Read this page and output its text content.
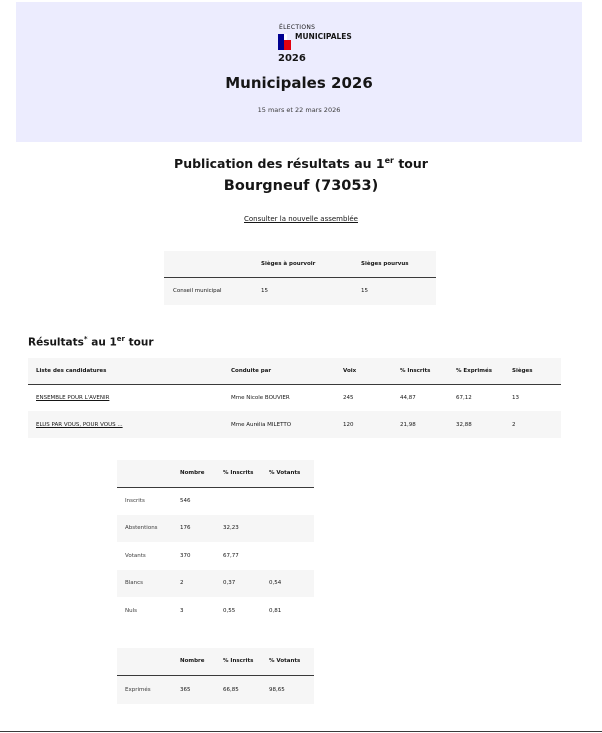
ÉLECTIONS
MUNICIPALES
2026
Municipales 2026
15 mars et 22 mars 2026
Publication des résultats au 1er tour
Bourgneuf (73053)
Consulter la nouvelle assemblée
	Sièges à pourvoir	Sièges pourvus
Conseil municipal	15	15
Résultats* au 1er tour
Liste des candidatures	Conduite par	Voix	% Inscrits	% Exprimés	Sièges
ENSEMBLE POUR L'AVENIR	Mme Nicole BOUVIER	245	44,87	67,12	13
ELUS PAR VOUS, POUR VOUS ...	Mme Aurélia MILETTO	120	21,98	32,88	2
	Nombre	% Inscrits	% Votants
Inscrits	546		
Abstentions	176	32,23	
Votants	370	67,77	
Blancs	2	0,37	0,54
Nuls	3	0,55	0,81
	Nombre	% Inscrits	% Votants
Exprimés	365	66,85	98,65
